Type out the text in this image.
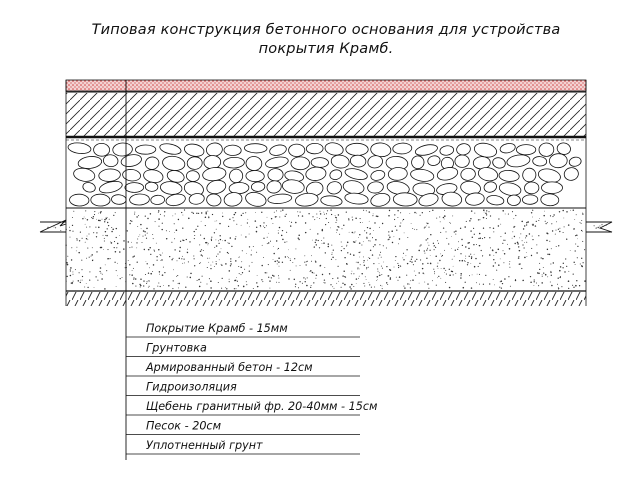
Типовая конструкция бетонного основания для устройства
покрытия Крамб.
Покрытие Крамб - 15мм
Грунтовка
Армированный бетон - 12см
Гидроизоляция
Щебень гранитный фр. 20-40мм - 15см
Песок - 20см
Уплотненный грунт
